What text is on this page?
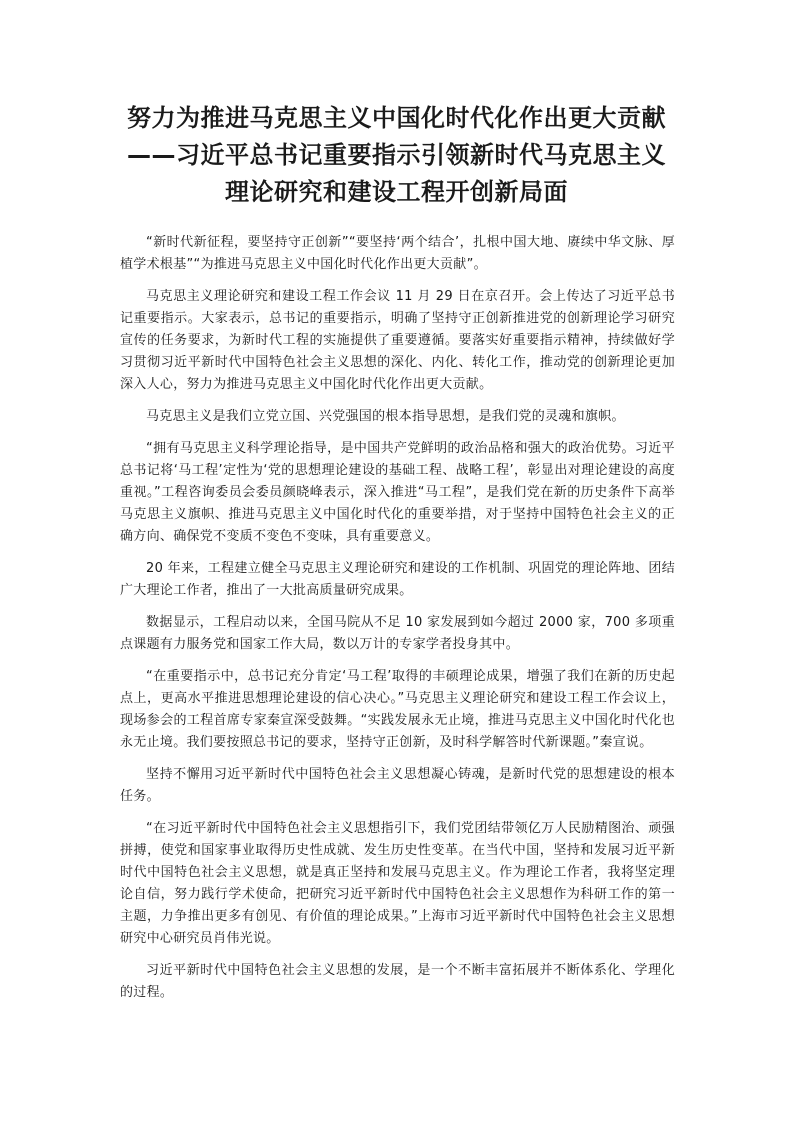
努力为推进马克思主义中国化时代化作出更大贡献
——习近平总书记重要指示引领新时代马克思主义
理论研究和建设工程开创新局面

“新时代新征程，要坚持守正创新”“要坚持‘两个结合’，扎根中国大地、赓续中华文脉、厚植学术根基”“为推进马克思主义中国化时代化作出更大贡献”。

马克思主义理论研究和建设工程工作会议 11 月 29 日在京召开。会上传达了习近平总书记重要指示。大家表示，总书记的重要指示，明确了坚持守正创新推进党的创新理论学习研究宣传的任务要求，为新时代工程的实施提供了重要遵循。要落实好重要指示精神，持续做好学习贯彻习近平新时代中国特色社会主义思想的深化、内化、转化工作，推动党的创新理论更加深入人心，努力为推进马克思主义中国化时代化作出更大贡献。

马克思主义是我们立党立国、兴党强国的根本指导思想，是我们党的灵魂和旗帜。

“拥有马克思主义科学理论指导，是中国共产党鲜明的政治品格和强大的政治优势。习近平总书记将‘马工程’定性为‘党的思想理论建设的基础工程、战略工程’，彰显出对理论建设的高度重视。”工程咨询委员会委员颜晓峰表示，深入推进“马工程”，是我们党在新的历史条件下高举马克思主义旗帜、推进马克思主义中国化时代化的重要举措，对于坚持中国特色社会主义的正确方向、确保党不变质不变色不变味，具有重要意义。

20 年来，工程建立健全马克思主义理论研究和建设的工作机制、巩固党的理论阵地、团结广大理论工作者，推出了一大批高质量研究成果。

数据显示，工程启动以来，全国马院从不足 10 家发展到如今超过 2000 家，700 多项重点课题有力服务党和国家工作大局，数以万计的专家学者投身其中。

“在重要指示中，总书记充分肯定‘马工程’取得的丰硕理论成果，增强了我们在新的历史起点上，更高水平推进思想理论建设的信心决心。”马克思主义理论研究和建设工程工作会议上，现场参会的工程首席专家秦宣深受鼓舞。“实践发展永无止境，推进马克思主义中国化时代化也永无止境。我们要按照总书记的要求，坚持守正创新，及时科学解答时代新课题。”秦宣说。

坚持不懈用习近平新时代中国特色社会主义思想凝心铸魂，是新时代党的思想建设的根本任务。

“在习近平新时代中国特色社会主义思想指引下，我们党团结带领亿万人民励精图治、顽强拼搏，使党和国家事业取得历史性成就、发生历史性变革。在当代中国，坚持和发展习近平新时代中国特色社会主义思想，就是真正坚持和发展马克思主义。作为理论工作者，我将坚定理论自信，努力践行学术使命，把研究习近平新时代中国特色社会主义思想作为科研工作的第一主题，力争推出更多有创见、有价值的理论成果。”上海市习近平新时代中国特色社会主义思想研究中心研究员肖伟光说。

习近平新时代中国特色社会主义思想的发展，是一个不断丰富拓展并不断体系化、学理化的过程。
